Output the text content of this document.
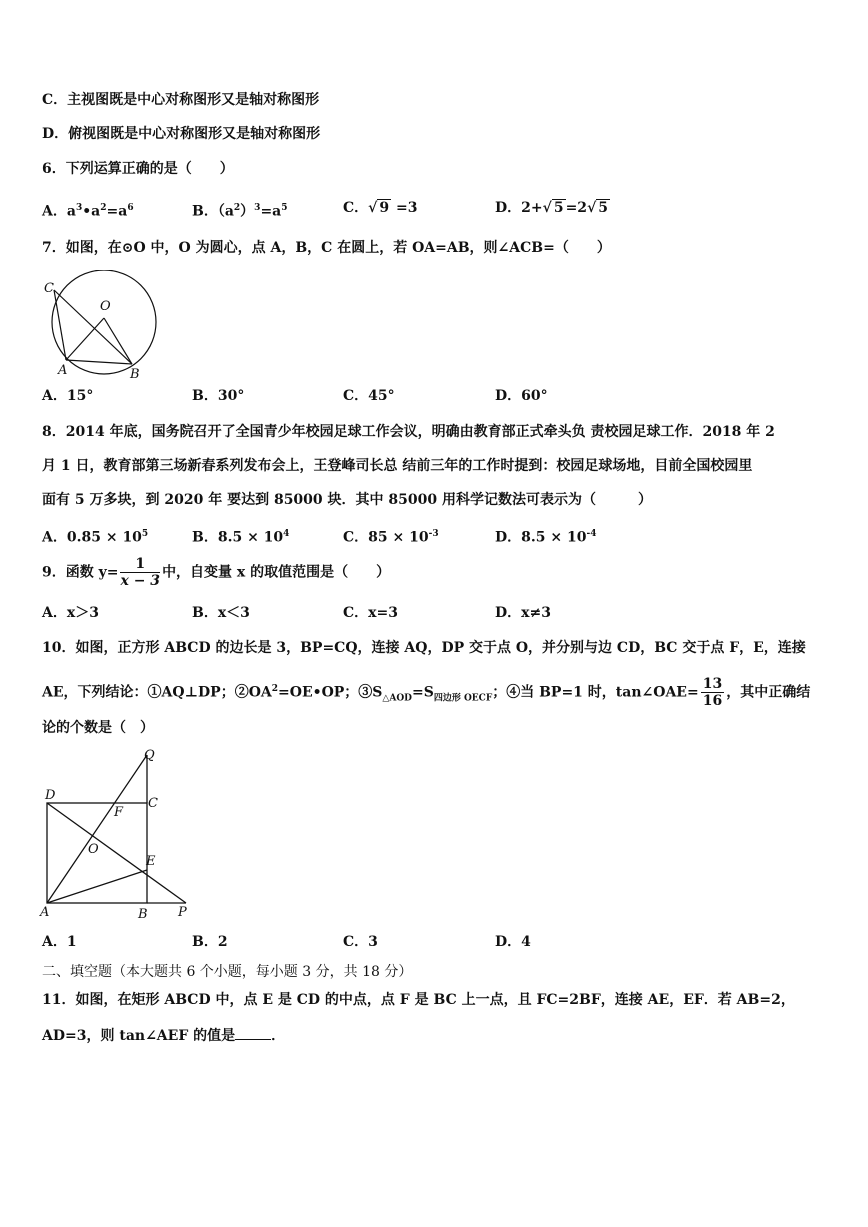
C．主视图既是中心对称图形又是轴对称图形
D．俯视图既是中心对称图形又是轴对称图形
6．下列运算正确的是（　　）
A．$a^3•a^2=a^6$	B．$(a^2)^3=a^5$	C．√ 9 =3	D．2+√ 5 =2√ 5
7．如图，在⊙O 中，O 为圆心，点 A，B，C 在圆上，若 OA=AB，则∠ACB=（　　）
C
O
A	B
A．15°	B．30°	C．45°	D．60°
8．2014 年底，国务院召开了全国青少年校园足球工作会议，明确由教育部正式牵头负 责校园足球工作．2018 年 2
月 1 日，教育部第三场新春系列发布会上，王登峰司长总 结前三年的工作时提到：校园足球场地，目前全国校园里
面有 5 万多块，到 2020 年 要达到 85000 块．其中 85000 用科学记数法可表示为（　　　）
A．$0.85 \times 10^5$	B．$8.5 \times 10^4$	C．$85 \times 10^{-3}$	D．$8.5 \times 10^{-4}$
9．函数 $y= \frac{1}{x - 3}$ 中，自变量 x 的取值范围是（　　）
A．x＞3	B．x＜3	C．x=3	D．x≠3
10．如图，正方形 ABCD 的边长是 3，BP=CQ，连接 AQ，DP 交于点 O，并分别与边 CD，BC 交于点 F，E，连接
AE，下列结论：①AQ⊥DP；$②OA^2=OE•OP$；$③S_{\triangle AOD}=S_{四边形 OECF}$；④当 BP=1 时，tan∠OAE= $\frac{13}{16}$ ，其中正确结
论的个数是（　）
Q
D
C
F
O
E
A	B P
A．1	B．2	C．3	D．4
二、填空题（本大题共 6 个小题，每小题 3 分，共 18 分）
11．如图，在矩形 ABCD 中，点 E 是 CD 的中点，点 F 是 BC 上一点，且 FC=2BF，连接 AE，EF．若 AB=2，
AD=3，则 tan∠AEF 的值是	．
